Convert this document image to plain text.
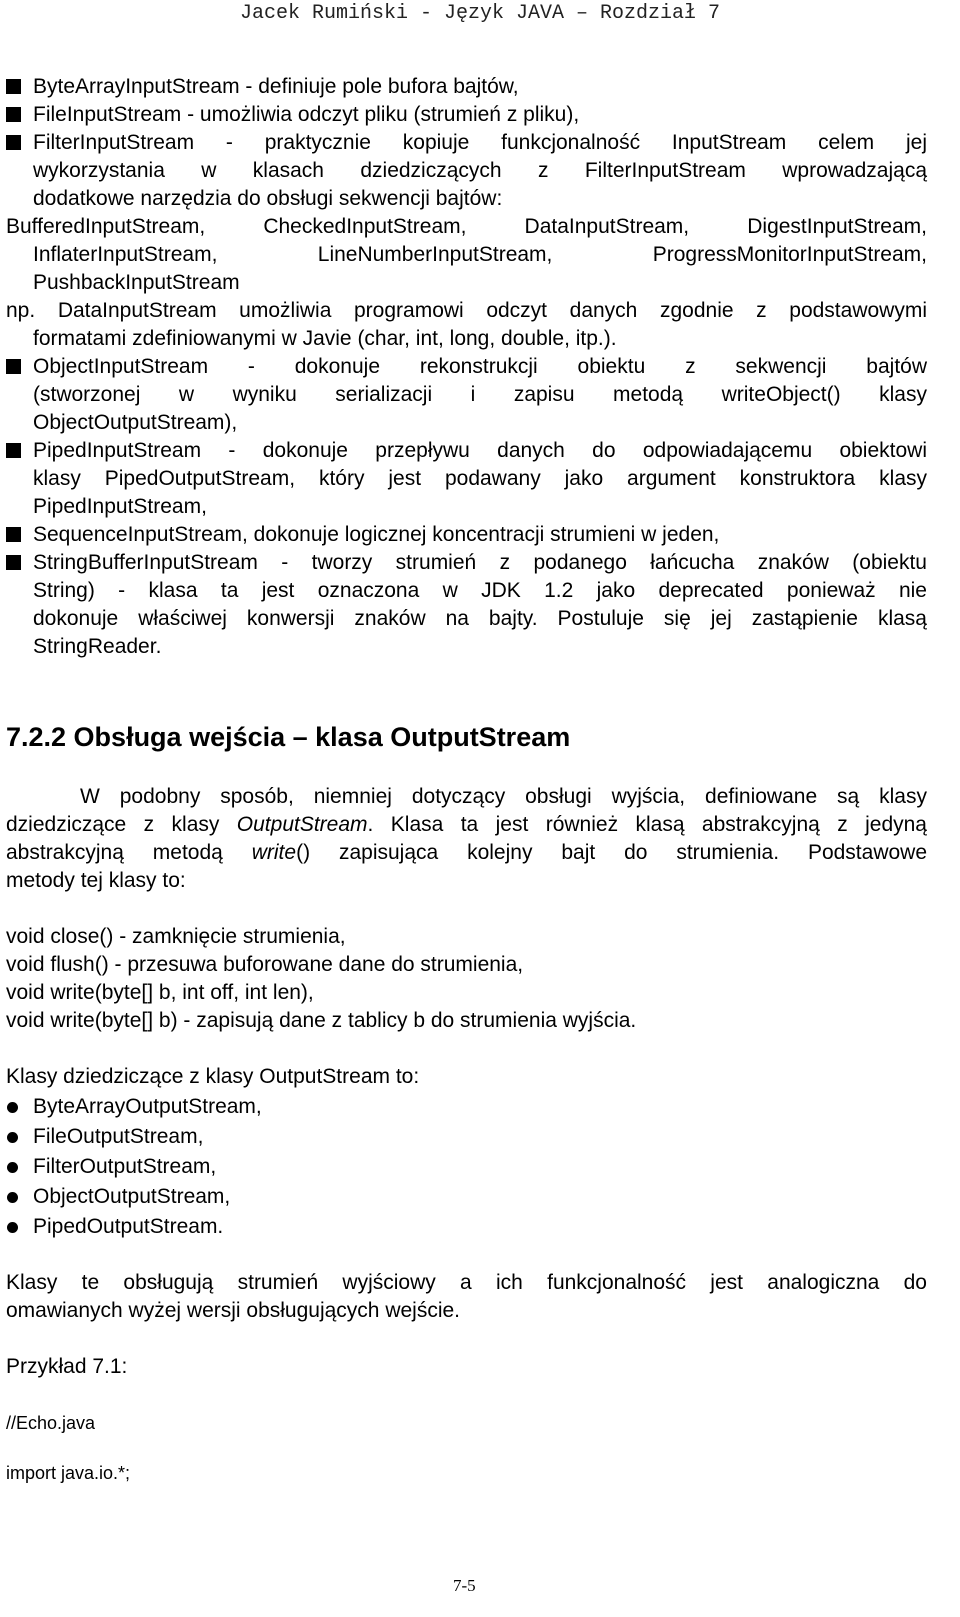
Jacek Rumiński - Język JAVA – Rozdział 7
ByteArrayInputStream - definiuje pole bufora bajtów,
FileInputStream - umożliwia odczyt pliku (strumień z pliku),
FilterInputStream - praktycznie kopiuje funkcjonalność InputStream celem jej
wykorzystania w klasach dziedziczących z FilterInputStream wprowadzającą
dodatkowe narzędzia do obsługi sekwencji bajtów:
BufferedInputStream, CheckedInputStream, DataInputStream, DigestInputStream,
InflaterInputStream, LineNumberInputStream, ProgressMonitorInputStream,
PushbackInputStream
np. DataInputStream umożliwia programowi odczyt danych zgodnie z podstawowymi
formatami zdefiniowanymi w Javie (char, int, long, double, itp.).
ObjectInputStream - dokonuje rekonstrukcji obiektu z sekwencji bajtów
(stworzonej w wyniku serializacji i zapisu metodą writeObject() klasy
ObjectOutputStream),
PipedInputStream - dokonuje przepływu danych do odpowiadającemu obiektowi
klasy PipedOutputStream, który jest podawany jako argument konstruktora klasy
PipedInputStream,
SequenceInputStream, dokonuje logicznej koncentracji strumieni w jeden,
StringBufferInputStream - tworzy strumień z podanego łańcucha znaków (obiektu
String) - klasa ta jest oznaczona w JDK 1.2 jako deprecated ponieważ nie
dokonuje właściwej konwersji znaków na bajty. Postuluje się jej zastąpienie klasą
StringReader.
7.2.2 Obsługa wejścia – klasa OutputStream
W podobny sposób, niemniej dotyczący obsługi wyjścia, definiowane są klasy
dziedziczące z klasy OutputStream. Klasa ta jest również klasą abstrakcyjną z jedyną
abstrakcyjną metodą write() zapisująca kolejny bajt do strumienia. Podstawowe
metody tej klasy to:
void close() - zamknięcie strumienia,
void flush() - przesuwa buforowane dane do strumienia,
void write(byte[] b, int off, int len),
void write(byte[] b) - zapisują dane z tablicy b do strumienia wyjścia.
Klasy dziedziczące z klasy OutputStream to:
ByteArrayOutputStream,
FileOutputStream,
FilterOutputStream,
ObjectOutputStream,
PipedOutputStream.
Klasy te obsługują strumień wyjściowy a ich funkcjonalność jest analogiczna do
omawianych wyżej wersji obsługujących wejście.
Przykład 7.1:
//Echo.java
import java.io.*;
7-5
